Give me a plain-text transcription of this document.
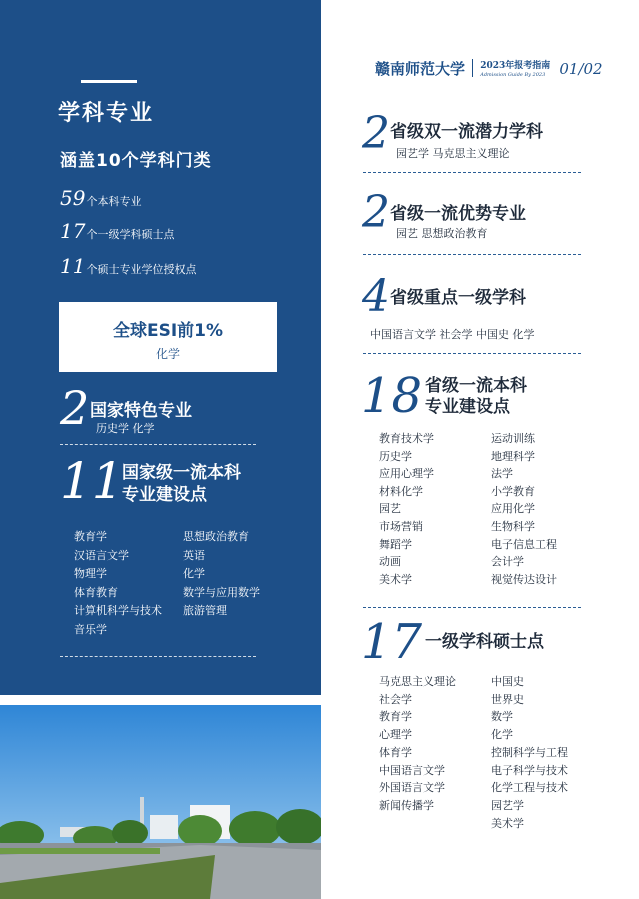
学科专业
涵盖10个学科门类
59个本科专业
17个一级学科硕士点
11个硕士专业学位授权点
全球ESI前1%
化学
2 国家特色专业
历史学 化学
11
国家级一流本科
专业建设点
教育学
汉语言文学
物理学
体育教育
计算机科学与技术
音乐学
思想政治教育
英语
化学
数学与应用数学
旅游管理
赣南师范大学 2023年报考指南
Admission Guide By 2023 01/02
2 省级双一流潜力学科
园艺学 马克思主义理论
2 省级一流优势专业
园艺 思想政治教育
4 省级重点一级学科
中国语言文学 社会学 中国史 化学
18 省级一流本科
专业建设点
教育技术学
历史学
应用心理学
材料化学
园艺
市场营销
舞蹈学
动画
美术学
运动训练
地理科学
法学
小学教育
应用化学
生物科学
电子信息工程
会计学
视觉传达设计
17 一级学科硕士点
马克思主义理论
社会学
教育学
心理学
体育学
中国语言文学
外国语言文学
新闻传播学
中国史
世界史
数学
化学
控制科学与工程
电子科学与技术
化学工程与技术
园艺学
美术学
